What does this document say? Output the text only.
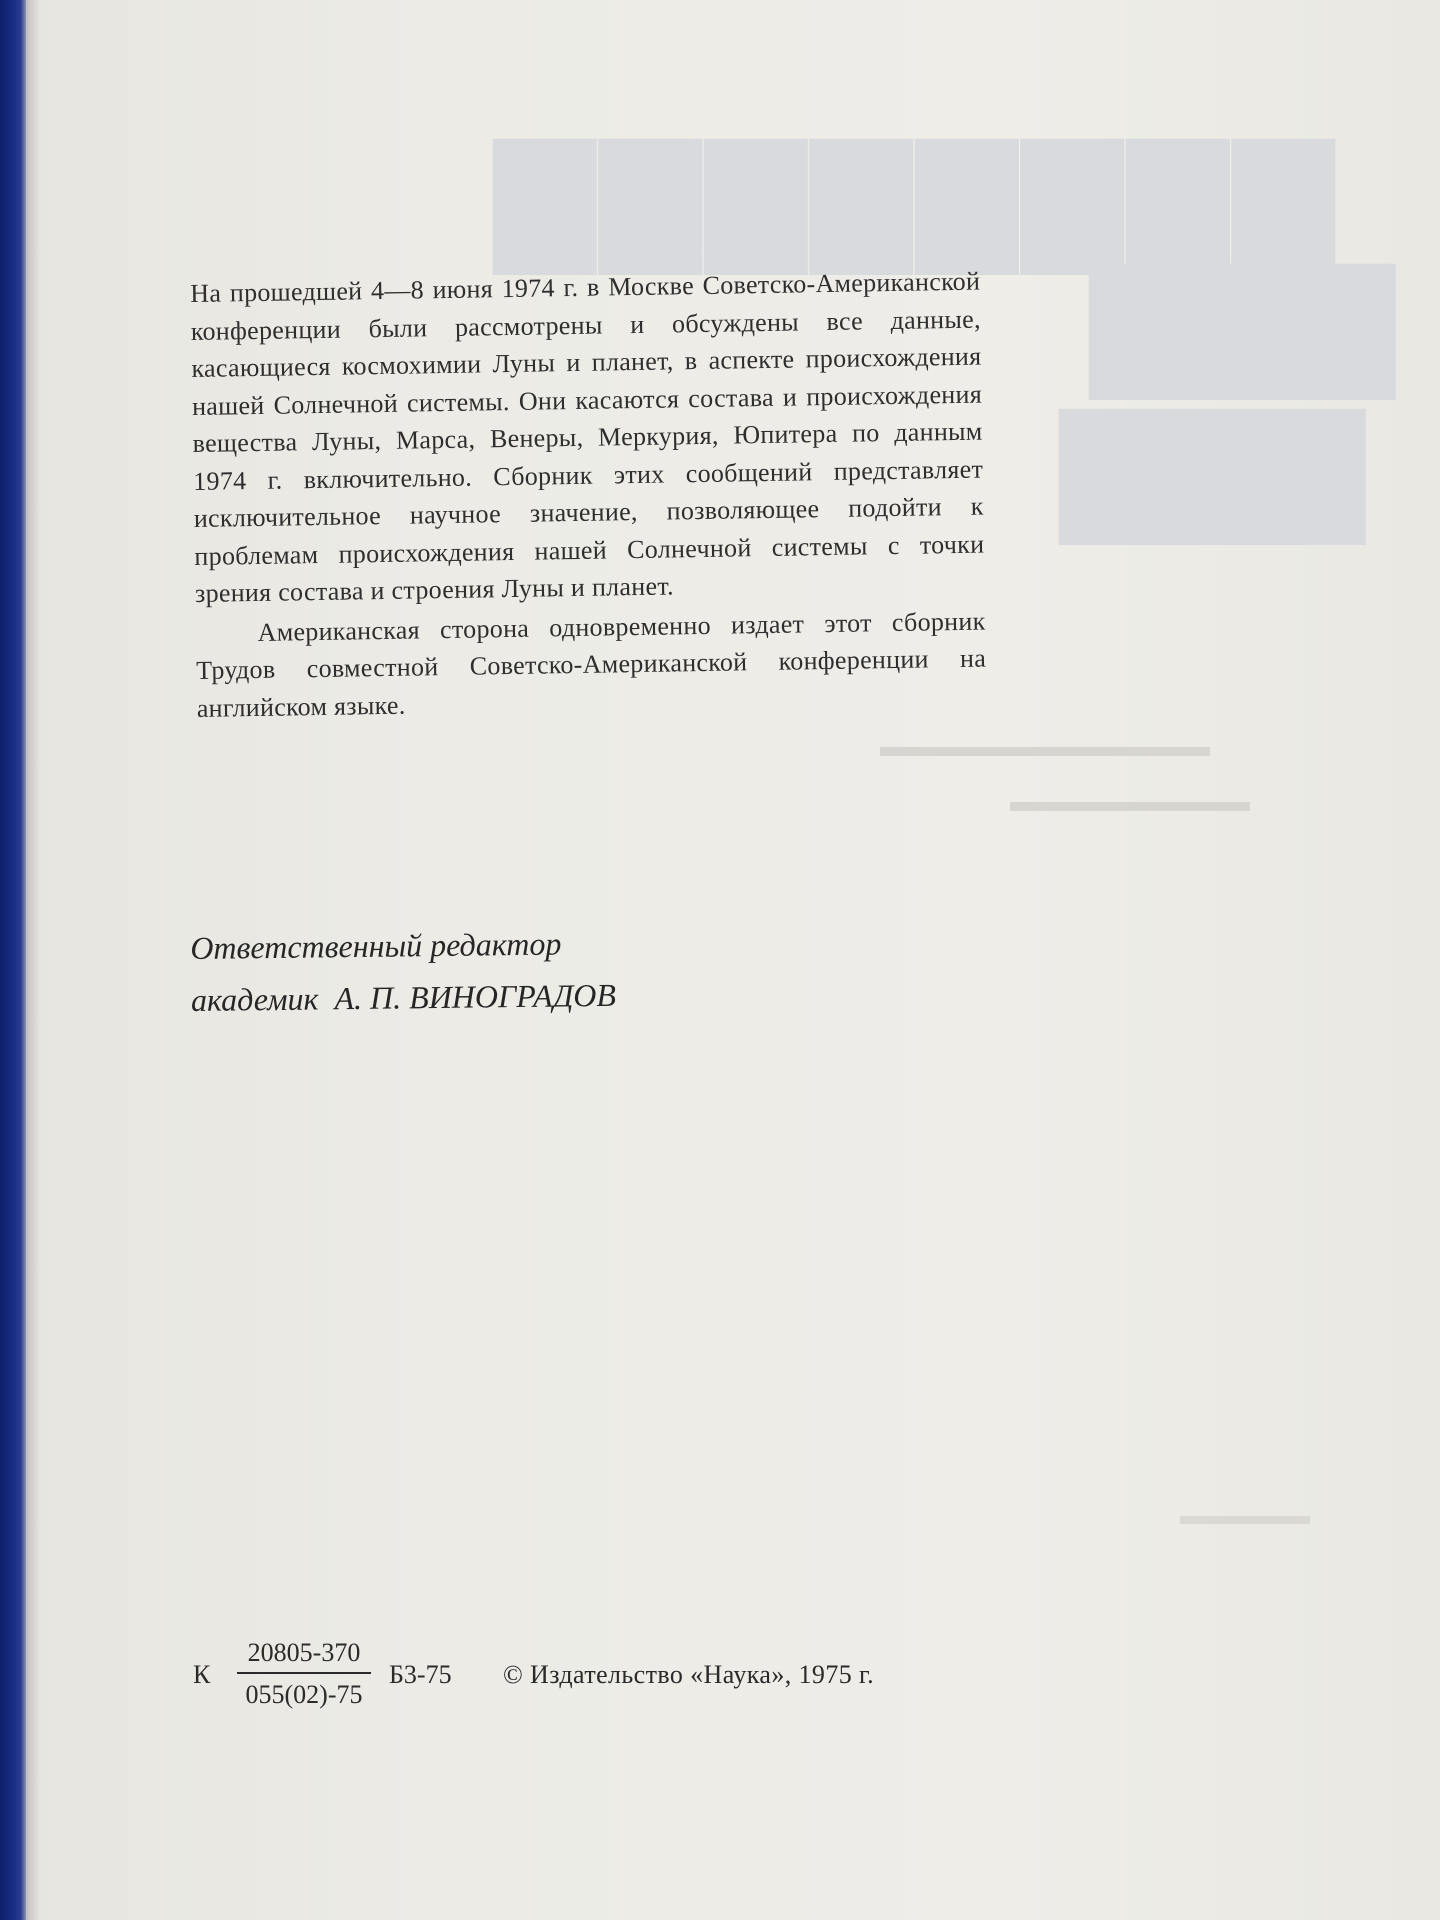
▇▇▇▇▇▇▇▇
▇▇▇
▇▇▇
▬▬▬▬▬▬▬▬▬▬▬
▬▬▬▬▬▬▬▬
▬▬▬▬▬

На прошедшей 4—8 июня 1974 г. в Москве Советско-Американской конференции были рассмотрены и обсуждены все данные, касающиеся космохимии Луны и планет, в аспекте происхождения нашей Солнечной системы. Они касаются состава и происхождения вещества Луны, Марса, Венеры, Меркурия, Юпитера по данным 1974 г. включительно. Сборник этих сообщений представляет исключительное научное значение, позволяющее подойти к проблемам происхождения нашей Солнечной системы с точки зрения состава и строения Луны и планет.

Американская сторона одновременно издает этот сборник Трудов совместной Советско-Американской конференции на английском языке.

Ответственный редактор
академик А. П. ВИНОГРАДОВ
К
20805-370
055(02)-75
Б3-75 © Издательство «Наука», 1975 г.
